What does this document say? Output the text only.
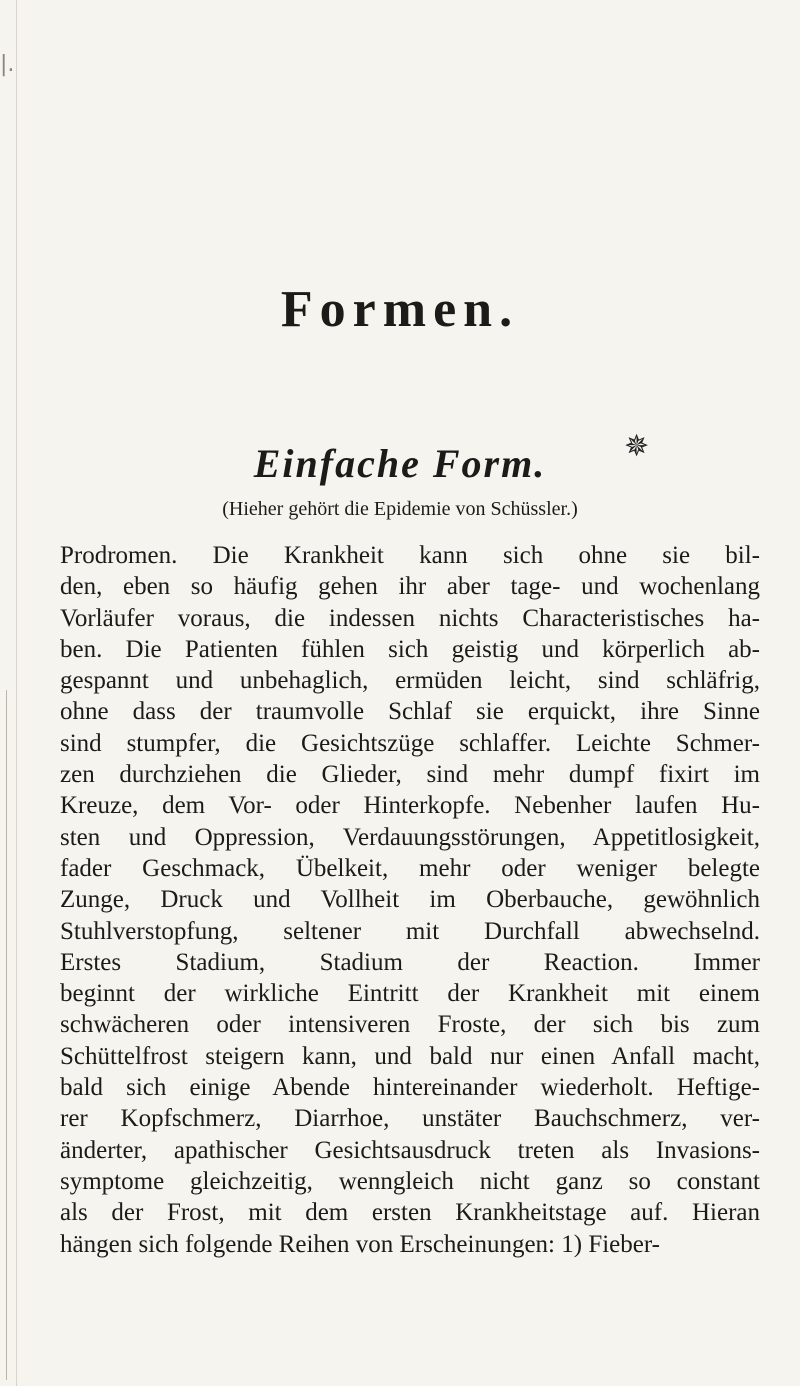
|.
Formen.
Einfache Form.	✵
(Hieher gehört die Epidemie von Schüssler.)
Prodromen. Die Krankheit kann sich ohne sie bil-
den, eben so häufig gehen ihr aber tage- und wochenlang
Vorläufer voraus, die indessen nichts Characteristisches ha-
ben. Die Patienten fühlen sich geistig und körperlich ab-
gespannt und unbehaglich, ermüden leicht, sind schläfrig,
ohne dass der traumvolle Schlaf sie erquickt, ihre Sinne
sind stumpfer, die Gesichtszüge schlaffer. Leichte Schmer-
zen durchziehen die Glieder, sind mehr dumpf fixirt im
Kreuze, dem Vor- oder Hinterkopfe. Nebenher laufen Hu-
sten und Oppression, Verdauungsstörungen, Appetitlosigkeit,
fader Geschmack, Übelkeit, mehr oder weniger belegte
Zunge, Druck und Vollheit im Oberbauche, gewöhnlich
Stuhlverstopfung, seltener mit Durchfall abwechselnd.
Erstes Stadium, Stadium der Reaction. Immer
beginnt der wirkliche Eintritt der Krankheit mit einem
schwächeren oder intensiveren Froste, der sich bis zum
Schüttelfrost steigern kann, und bald nur einen Anfall macht,
bald sich einige Abende hintereinander wiederholt. Heftige-
rer Kopfschmerz, Diarrhoe, unstäter Bauchschmerz, ver-
änderter, apathischer Gesichtsausdruck treten als Invasions-
symptome gleichzeitig, wenngleich nicht ganz so constant
als der Frost, mit dem ersten Krankheitstage auf. Hieran
hängen sich folgende Reihen von Erscheinungen: 1) Fieber-
